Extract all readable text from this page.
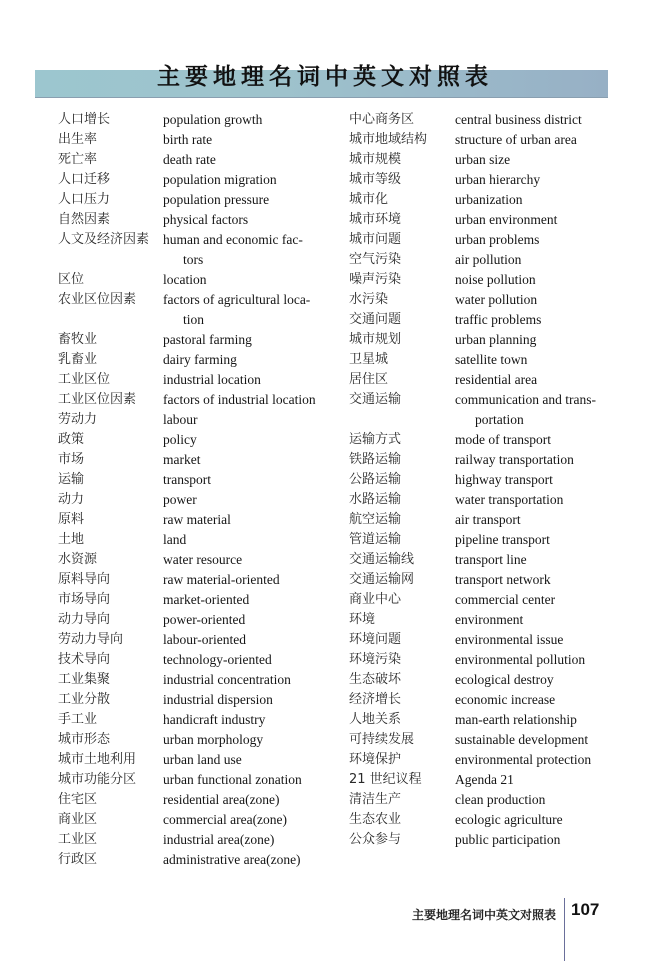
主要地理名词中英文对照表
人口增长	population growth
出生率	birth rate
死亡率	death rate
人口迁移	population migration
人口压力	population pressure
自然因素	physical factors
人文及经济因素	human and economic fac-
tors
区位	location
农业区位因素	factors of agricultural loca-
tion
畜牧业	pastoral farming
乳畜业	dairy farming
工业区位	industrial location
工业区位因素	factors of industrial location
劳动力	labour
政策	policy
市场	market
运输	transport
动力	power
原料	raw material
土地	land
水资源	water resource
原料导向	raw material-oriented
市场导向	market-oriented
动力导向	power-oriented
劳动力导向	labour-oriented
技术导向	technology-oriented
工业集聚	industrial concentration
工业分散	industrial dispersion
手工业	handicraft industry
城市形态	urban morphology
城市土地利用	urban land use
城市功能分区	urban functional zonation
住宅区	residential area(zone)
商业区	commercial area(zone)
工业区	industrial area(zone)
行政区	administrative area(zone)
中心商务区	central business district
城市地域结构	structure of urban area
城市规模	urban size
城市等级	urban hierarchy
城市化	urbanization
城市环境	urban environment
城市问题	urban problems
空气污染	air pollution
噪声污染	noise pollution
水污染	water pollution
交通问题	traffic problems
城市规划	urban planning
卫星城	satellite town
居住区	residential area
交通运输	communication and trans-
portation
运输方式	mode of transport
铁路运输	railway transportation
公路运输	highway transport
水路运输	water transportation
航空运输	air transport
管道运输	pipeline transport
交通运输线	transport line
交通运输网	transport network
商业中心	commercial center
环境	environment
环境问题	environmental issue
环境污染	environmental pollution
生态破坏	ecological destroy
经济增长	economic increase
人地关系	man-earth relationship
可持续发展	sustainable development
环境保护	environmental protection
21 世纪议程	Agenda 21
清洁生产	clean production
生态农业	ecologic agriculture
公众参与	public participation
主要地理名词中英文对照表 107
